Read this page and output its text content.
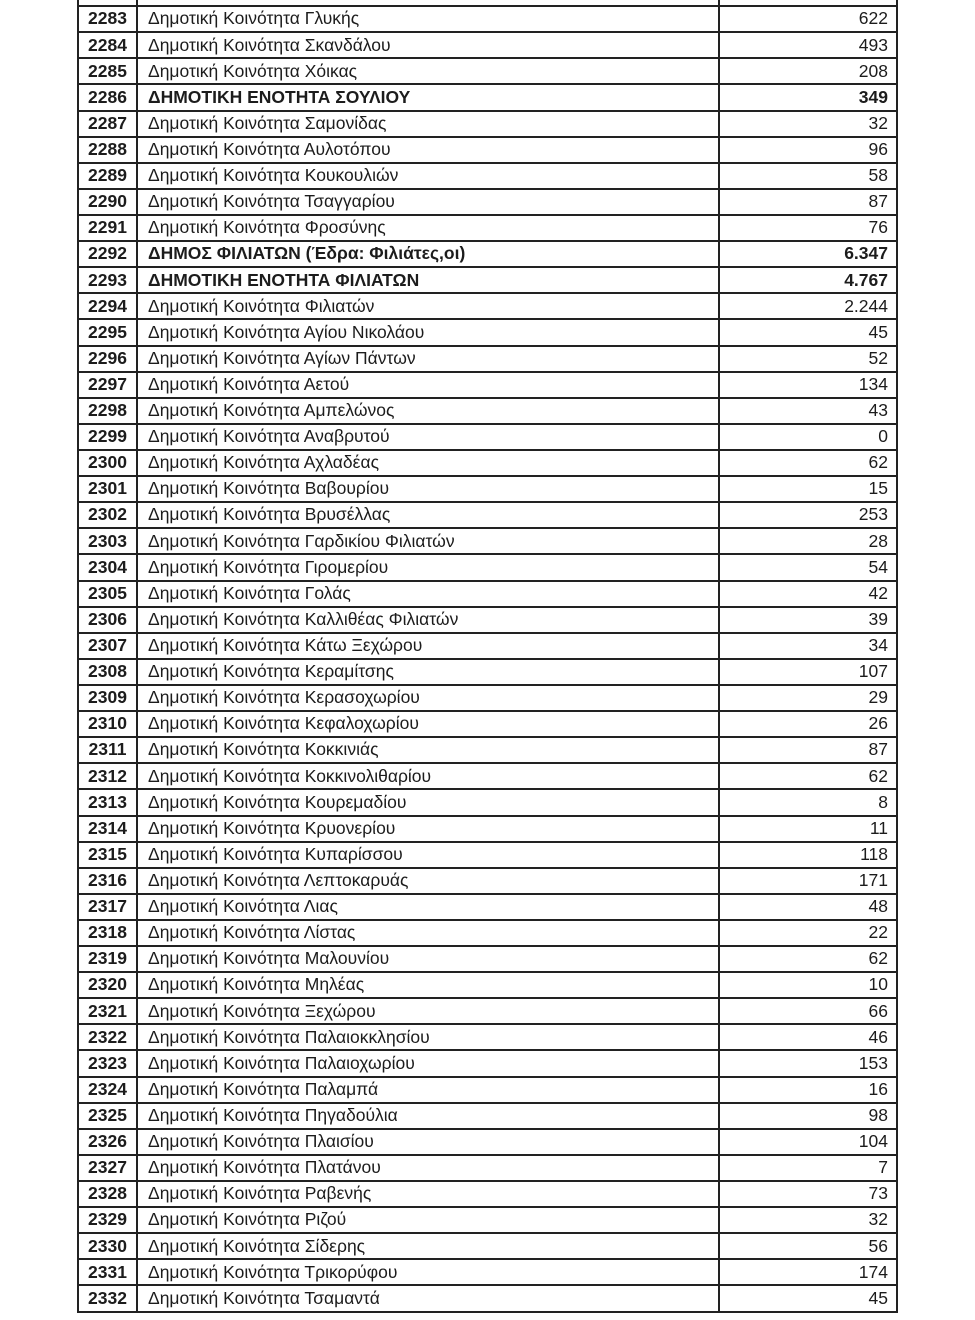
2283	Δημοτική Κοινότητα Γλυκής	622
2284	Δημοτική Κοινότητα Σκανδάλου	493
2285	Δημοτική Κοινότητα Χόικας	208
2286	ΔΗΜΟΤΙΚΗ ΕΝΟΤΗΤΑ ΣΟΥΛΙΟΥ	349
2287	Δημοτική Κοινότητα Σαμονίδας	32
2288	Δημοτική Κοινότητα Αυλοτόπου	96
2289	Δημοτική Κοινότητα Κουκουλιών	58
2290	Δημοτική Κοινότητα Τσαγγαρίου	87
2291	Δημοτική Κοινότητα Φροσύνης	76
2292	ΔΗΜΟΣ ΦΙΛΙΑΤΩΝ (Έδρα: Φιλιάτες,οι)	6.347
2293	ΔΗΜΟΤΙΚΗ ΕΝΟΤΗΤΑ ΦΙΛΙΑΤΩΝ	4.767
2294	Δημοτική Κοινότητα Φιλιατών	2.244
2295	Δημοτική Κοινότητα Αγίου Νικολάου	45
2296	Δημοτική Κοινότητα Αγίων Πάντων	52
2297	Δημοτική Κοινότητα Αετού	134
2298	Δημοτική Κοινότητα Αμπελώνος	43
2299	Δημοτική Κοινότητα Αναβρυτού	0
2300	Δημοτική Κοινότητα Αχλαδέας	62
2301	Δημοτική Κοινότητα Βαβουρίου	15
2302	Δημοτική Κοινότητα Βρυσέλλας	253
2303	Δημοτική Κοινότητα Γαρδικίου Φιλιατών	28
2304	Δημοτική Κοινότητα Γιρομερίου	54
2305	Δημοτική Κοινότητα Γολάς	42
2306	Δημοτική Κοινότητα Καλλιθέας Φιλιατών	39
2307	Δημοτική Κοινότητα Κάτω Ξεχώρου	34
2308	Δημοτική Κοινότητα Κεραμίτσης	107
2309	Δημοτική Κοινότητα Κερασοχωρίου	29
2310	Δημοτική Κοινότητα Κεφαλοχωρίου	26
2311	Δημοτική Κοινότητα Κοκκινιάς	87
2312	Δημοτική Κοινότητα Κοκκινολιθαρίου	62
2313	Δημοτική Κοινότητα Κουρεμαδίου	8
2314	Δημοτική Κοινότητα Κρυονερίου	11
2315	Δημοτική Κοινότητα Κυπαρίσσου	118
2316	Δημοτική Κοινότητα Λεπτοκαρυάς	171
2317	Δημοτική Κοινότητα Λιας	48
2318	Δημοτική Κοινότητα Λίστας	22
2319	Δημοτική Κοινότητα Μαλουνίου	62
2320	Δημοτική Κοινότητα Μηλέας	10
2321	Δημοτική Κοινότητα Ξεχώρου	66
2322	Δημοτική Κοινότητα Παλαιοκκλησίου	46
2323	Δημοτική Κοινότητα Παλαιοχωρίου	153
2324	Δημοτική Κοινότητα Παλαμπά	16
2325	Δημοτική Κοινότητα Πηγαδούλια	98
2326	Δημοτική Κοινότητα Πλαισίου	104
2327	Δημοτική Κοινότητα Πλατάνου	7
2328	Δημοτική Κοινότητα Ραβενής	73
2329	Δημοτική Κοινότητα Ριζού	32
2330	Δημοτική Κοινότητα Σίδερης	56
2331	Δημοτική Κοινότητα Τρικορύφου	174
2332	Δημοτική Κοινότητα Τσαμαντά	45
